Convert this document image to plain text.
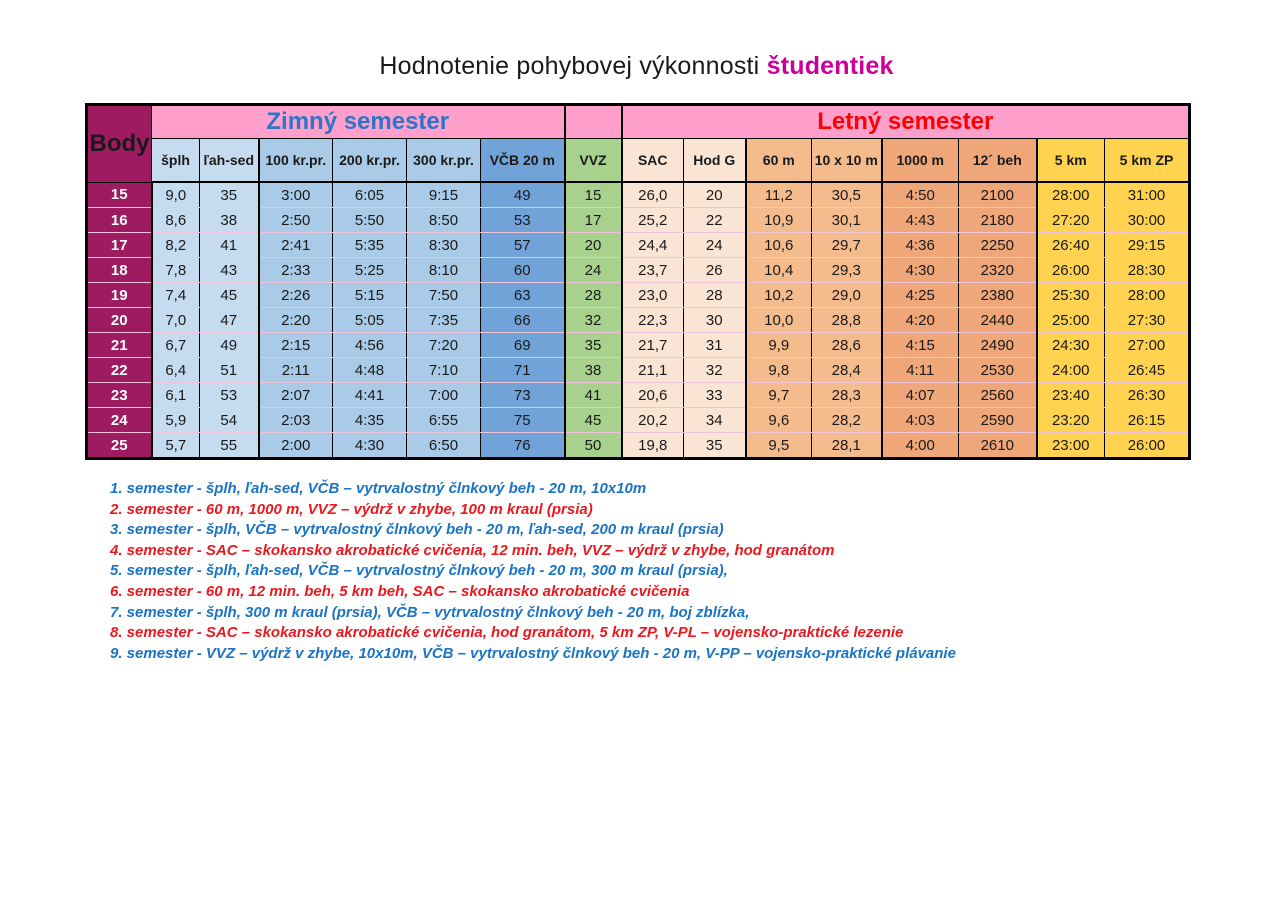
Hodnotenie pohybovej výkonnosti študentiek
Body	Zimný semester							Letný semester							
	šplh	ľah-sed	100 kr.pr.	200 kr.pr.	300 kr.pr.	VČB 20 m	VVZ	SAC	Hod G	60 m	10 x 10 m	1000 m	12´ beh	5 km	5 km ZP
15	9,0	35	3:00	6:05	9:15	49	15	26,0	20	11,2	30,5	4:50	2100	28:00	31:00
16	8,6	38	2:50	5:50	8:50	53	17	25,2	22	10,9	30,1	4:43	2180	27:20	30:00
17	8,2	41	2:41	5:35	8:30	57	20	24,4	24	10,6	29,7	4:36	2250	26:40	29:15
18	7,8	43	2:33	5:25	8:10	60	24	23,7	26	10,4	29,3	4:30	2320	26:00	28:30
19	7,4	45	2:26	5:15	7:50	63	28	23,0	28	10,2	29,0	4:25	2380	25:30	28:00
20	7,0	47	2:20	5:05	7:35	66	32	22,3	30	10,0	28,8	4:20	2440	25:00	27:30
21	6,7	49	2:15	4:56	7:20	69	35	21,7	31	9,9	28,6	4:15	2490	24:30	27:00
22	6,4	51	2:11	4:48	7:10	71	38	21,1	32	9,8	28,4	4:11	2530	24:00	26:45
23	6,1	53	2:07	4:41	7:00	73	41	20,6	33	9,7	28,3	4:07	2560	23:40	26:30
24	5,9	54	2:03	4:35	6:55	75	45	20,2	34	9,6	28,2	4:03	2590	23:20	26:15
25	5,7	55	2:00	4:30	6:50	76	50	19,8	35	9,5	28,1	4:00	2610	23:00	26:00
1. semester - šplh, ľah-sed, VČB – vytrvalostný člnkový beh - 20 m, 10x10m
2. semester - 60 m, 1000 m, VVZ – výdrž v zhybe, 100 m kraul (prsia)
3. semester - šplh, VČB – vytrvalostný člnkový beh - 20 m, ľah-sed, 200 m kraul (prsia)
4. semester - SAC – skokansko akrobatické cvičenia, 12 min. beh, VVZ – výdrž v zhybe, hod granátom
5. semester - šplh, ľah-sed, VČB – vytrvalostný člnkový beh - 20 m, 300 m kraul (prsia),
6. semester - 60 m, 12 min. beh, 5 km beh, SAC – skokansko akrobatické cvičenia
7. semester - šplh, 300 m kraul (prsia), VČB – vytrvalostný člnkový beh - 20 m, boj zblízka,
8. semester - SAC – skokansko akrobatické cvičenia, hod granátom, 5 km ZP, V-PL – vojensko-praktické lezenie
9. semester - VVZ – výdrž v zhybe, 10x10m, VČB – vytrvalostný člnkový beh - 20 m, V-PP – vojensko-praktické plávanie
